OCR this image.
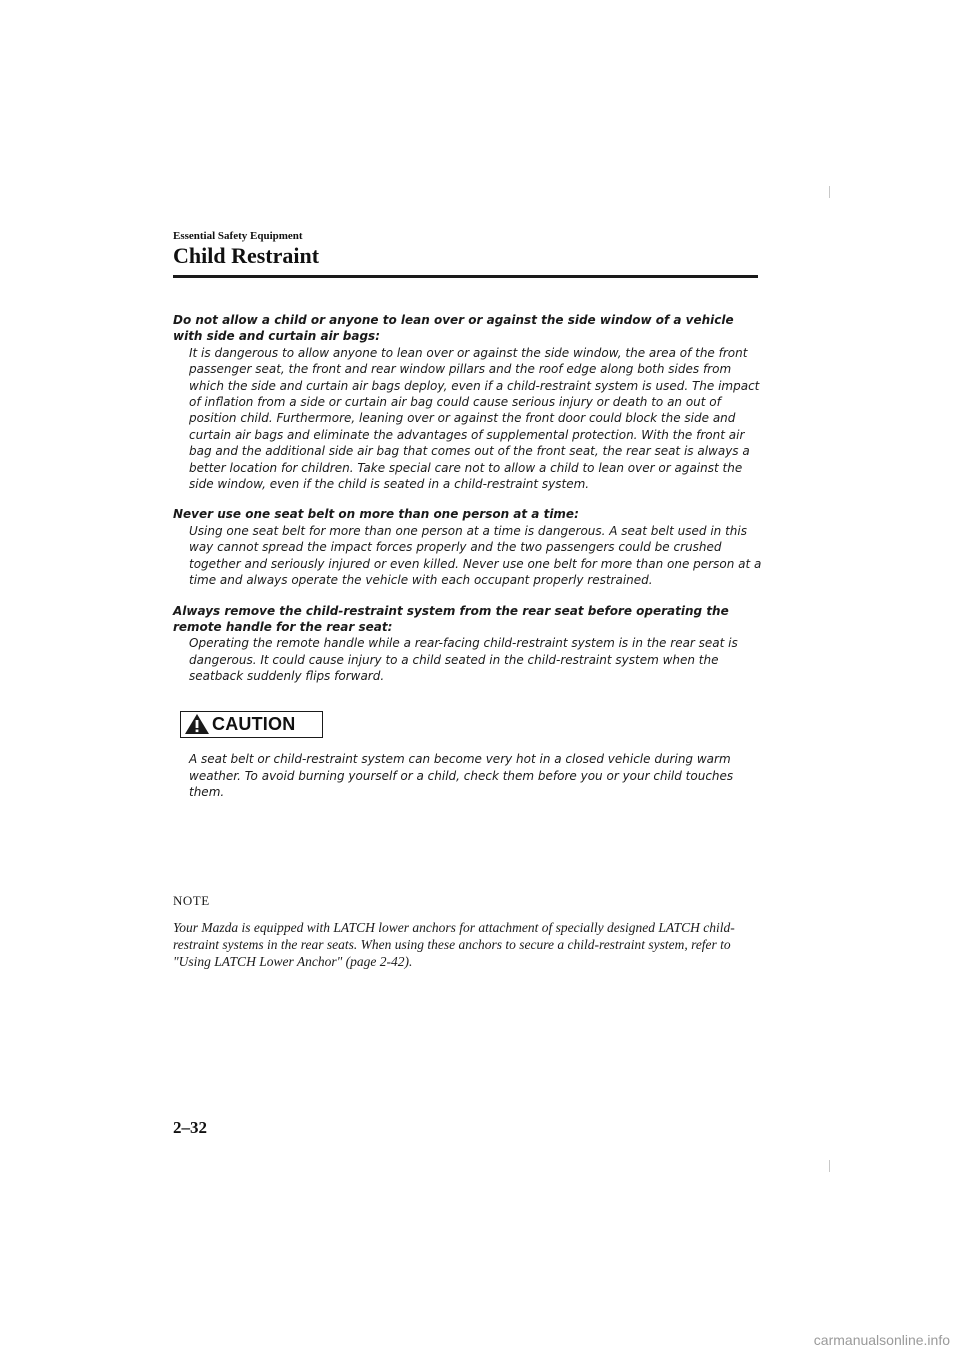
Essential Safety Equipment
Child Restraint

Do not allow a child or anyone to lean over or against the side window of a vehicle with side and curtain air bags:

It is dangerous to allow anyone to lean over or against the side window, the area of the front passenger seat, the front and rear window pillars and the roof edge along both sides from which the side and curtain air bags deploy, even if a child-restraint system is used. The impact of inflation from a side or curtain air bag could cause serious injury or death to an out of position child. Furthermore, leaning over or against the front door could block the side and curtain air bags and eliminate the advantages of supplemental protection. With the front air bag and the additional side air bag that comes out of the front seat, the rear seat is always a better location for children. Take special care not to allow a child to lean over or against the side window, even if the child is seated in a child-restraint system.

Never use one seat belt on more than one person at a time:

Using one seat belt for more than one person at a time is dangerous. A seat belt used in this way cannot spread the impact forces properly and the two passengers could be crushed together and seriously injured or even killed. Never use one belt for more than one person at a time and always operate the vehicle with each occupant properly restrained.

Always remove the child-restraint system from the rear seat before operating the remote handle for the rear seat:

Operating the remote handle while a rear-facing child-restraint system is in the rear seat is dangerous. It could cause injury to a child seated in the child-restraint system when the seatback suddenly flips forward.

CAUTION

A seat belt or child-restraint system can become very hot in a closed vehicle during warm weather. To avoid burning yourself or a child, check them before you or your child touches them.

NOTE

Your Mazda is equipped with LATCH lower anchors for attachment of specially designed LATCH child-restraint systems in the rear seats. When using these anchors to secure a child-restraint system, refer to "Using LATCH Lower Anchor" (page 2-42).

2–32
carmanualsonline.info
